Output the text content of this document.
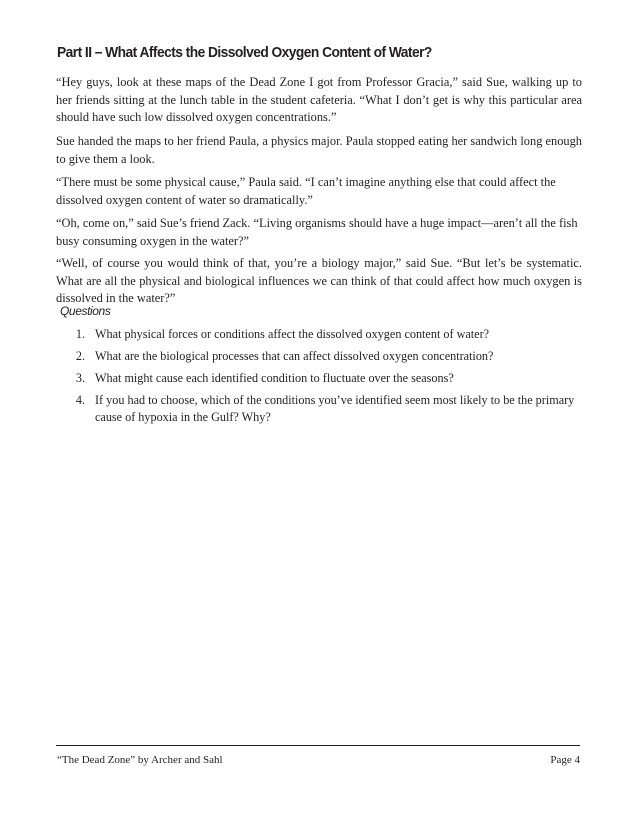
Part II – What Affects the Dissolved Oxygen Content of Water?

“Hey guys, look at these maps of the Dead Zone I got from Professor Gracia,” said Sue, walking up to her friends sitting at the lunch table in the student cafeteria. “What I don’t get is why this particular area should have such low dissolved oxygen concentrations.”

Sue handed the maps to her friend Paula, a physics major. Paula stopped eating her sandwich long enough to give them a look.

“There must be some physical cause,” Paula said. “I can’t imagine anything else that could affect the dissolved oxygen content of water so dramatically.”

“Oh, come on,” said Sue’s friend Zack. “Living organisms should have a huge impact—aren’t all the fish busy consuming oxygen in the water?”

“Well, of course you would think of that, you’re a biology major,” said Sue. “But let’s be systematic. What are all the physical and biological influences we can think of that could affect how much oxygen is dissolved in the water?”

Questions

1. What physical forces or conditions affect the dissolved oxygen content of water?
2. What are the biological processes that can affect dissolved oxygen concentration?
3. What might cause each identified condition to fluctuate over the seasons?
4. If you had to choose, which of the conditions you’ve identified seem most likely to be the primary cause of hypoxia in the Gulf? Why?

“The Dead Zone” by Archer and Sahl	Page 4
